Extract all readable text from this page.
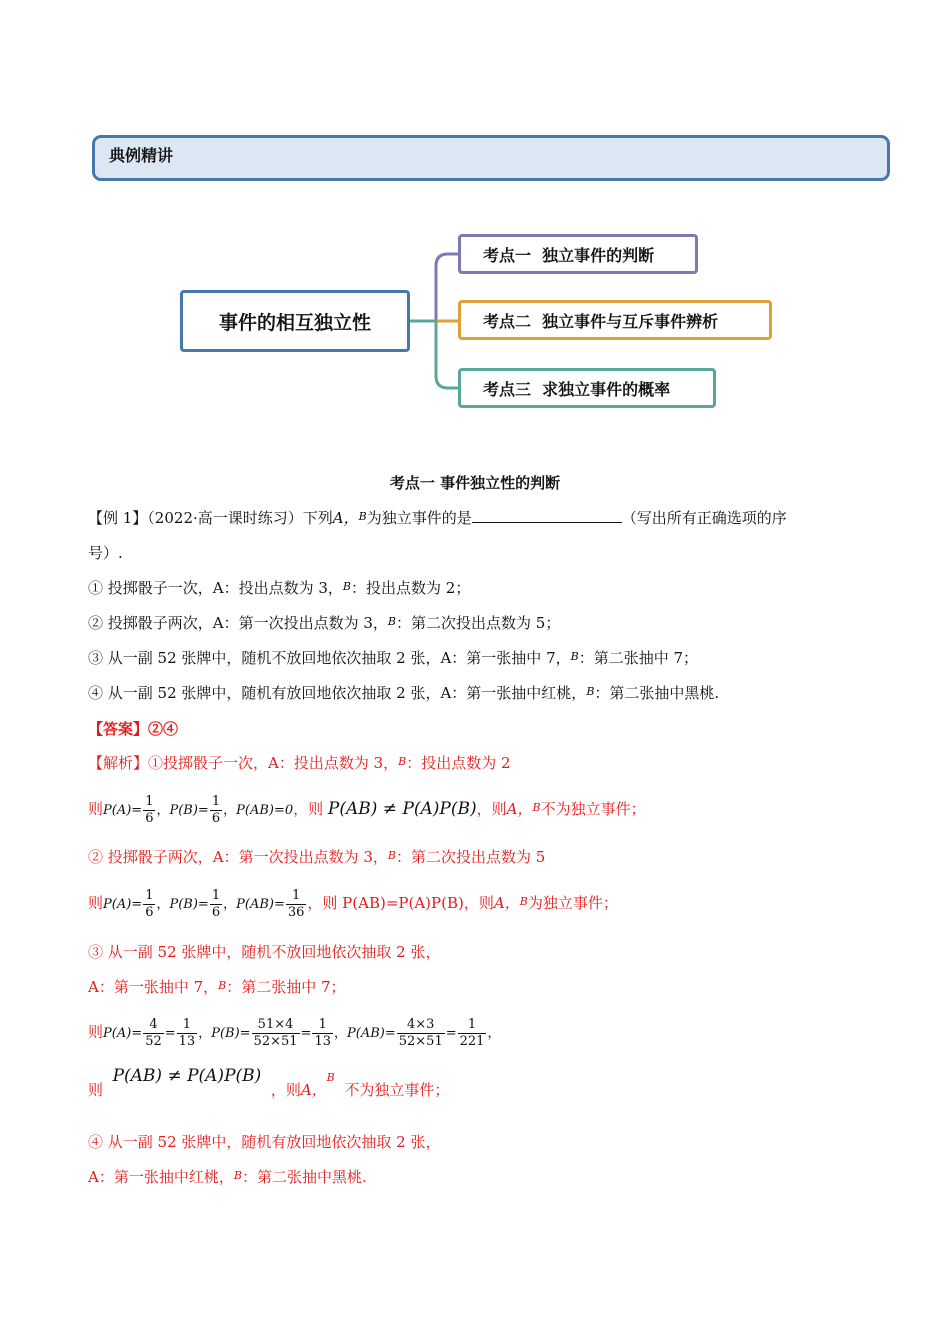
典例精讲
事件的相互独立性
考点一  独立事件的判断
考点二  独立事件与互斥事件辨析
考点三  求独立事件的概率
考点一 事件独立性的判断
【例 1】（2022·高一课时练习）下列A，$^B$为独立事件的是	（写出所有正确选项的序
号）.
① 投掷骰子一次，A：投出点数为 3，$^B$：投出点数为 2；
② 投掷骰子两次，A：第一次投出点数为 3，$^B$：第二次投出点数为 5；
③ 从一副 52 张牌中，随机不放回地依次抽取 2 张，A：第一张抽中 7，$^B$：第二张抽中 7；
④ 从一副 52 张牌中，随机有放回地依次抽取 2 张，A：第一张抽中红桃，$^B$：第二张抽中黑桃.
【答案】②④
【解析】①投掷骰子一次，A：投出点数为 3，$^B$：投出点数为 2
则$P(A)= \frac{1}{6}$ ，$P(B)= \frac{1}{6}$ ，P(AB)=0，则 P(AB) ≠ P(A)P(B)，则A，$^B$不为独立事件；
② 投掷骰子两次，A：第一次投出点数为 3，$^B$：第二次投出点数为 5
则$P(A)= \frac{1}{6}$ ，$P(B)= \frac{1}{6}$ ，$P(AB)= \frac{1}{36}$ ，则 P(AB)=P(A)P(B)，则A，$^B$为独立事件；
③ 从一副 52 张牌中，随机不放回地依次抽取 2 张，
A：第一张抽中 7，$^B$：第二张抽中 7；
则$P(A)= \frac{4}{52} = \frac{1}{13}$ ，$P(B)= \frac{51\times 4}{52\times 51} = \frac{1}{13}$ ，$P(AB)= \frac{4\times 3}{52\times 51} = \frac{1}{221}$ ，
则  P(AB) ≠ P(A)P(B)  ，则A，$^B$  不为独立事件；
④ 从一副 52 张牌中，随机有放回地依次抽取 2 张，
A：第一张抽中红桃，$^B$：第二张抽中黑桃.
